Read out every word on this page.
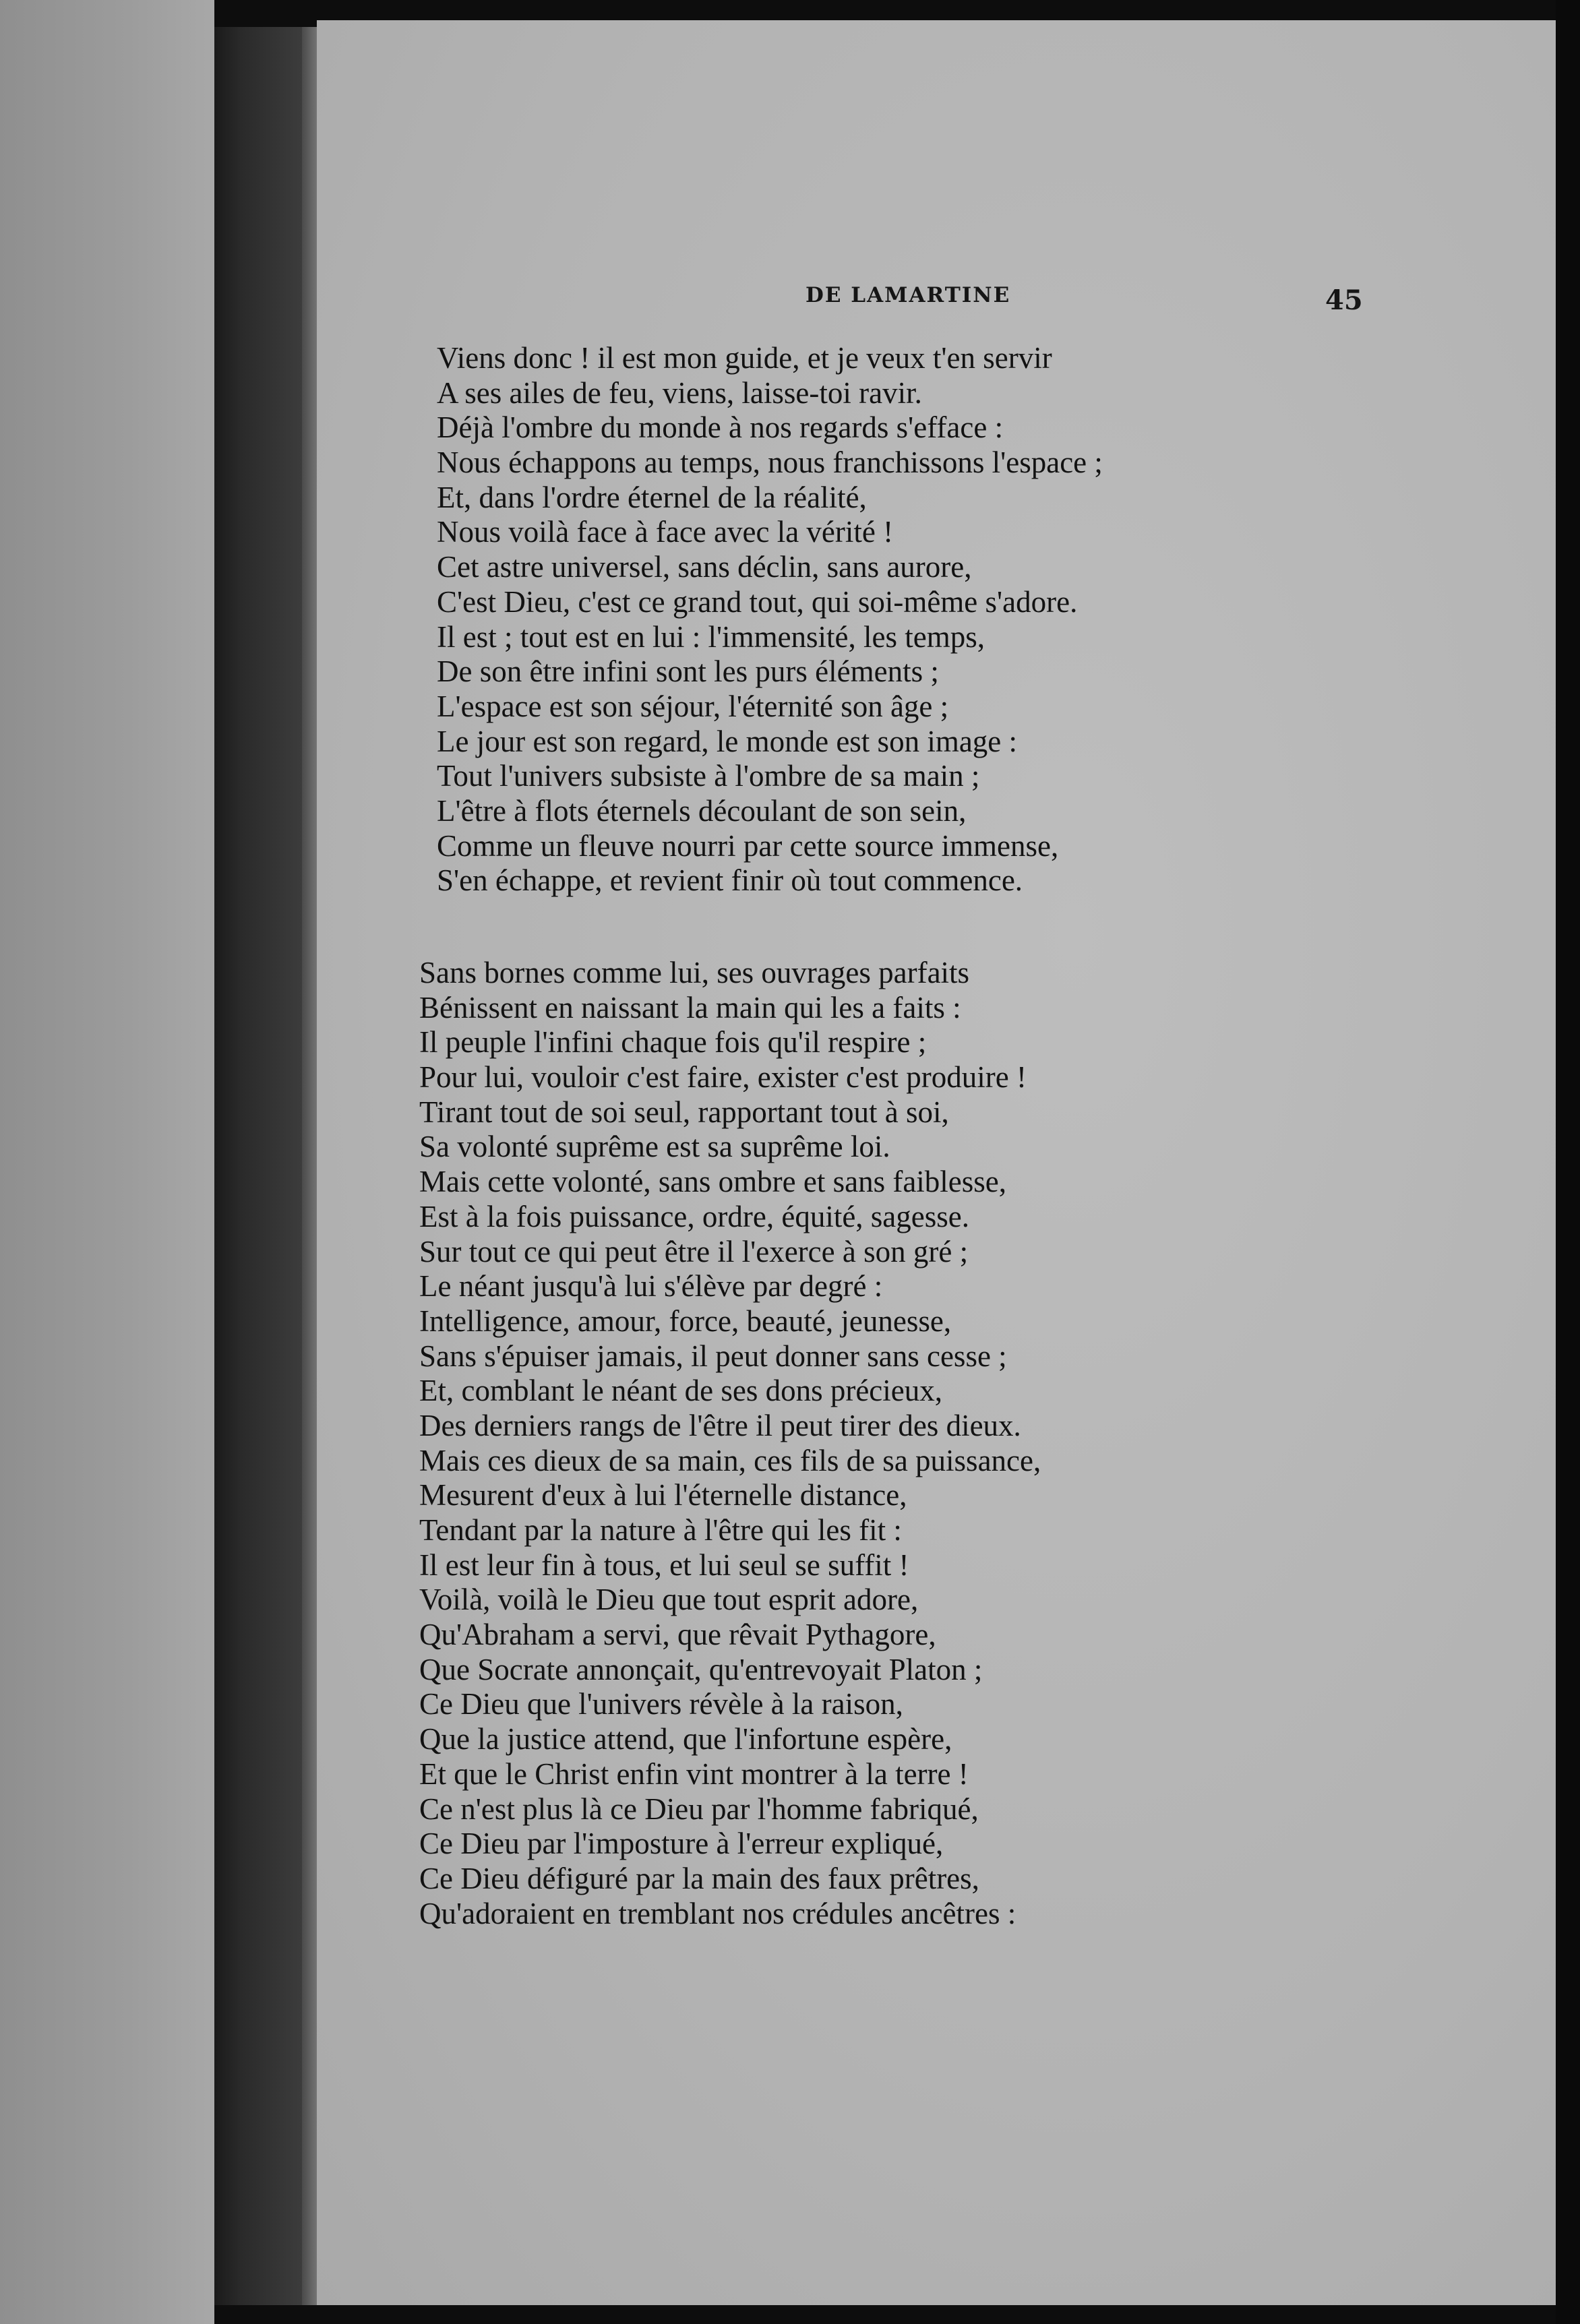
DE LAMARTINE	45
Viens donc ! il est mon guide, et je veux t'en servir
A ses ailes de feu, viens, laisse-toi ravir.
Déjà l'ombre du monde à nos regards s'efface :
Nous échappons au temps, nous franchissons l'espace ;
Et, dans l'ordre éternel de la réalité,
Nous voilà face à face avec la vérité !
Cet astre universel, sans déclin, sans aurore,
C'est Dieu, c'est ce grand tout, qui soi-même s'adore.
Il est ; tout est en lui : l'immensité, les temps,
De son être infini sont les purs éléments ;
L'espace est son séjour, l'éternité son âge ;
Le jour est son regard, le monde est son image :
Tout l'univers subsiste à l'ombre de sa main ;
L'être à flots éternels découlant de son sein,
Comme un fleuve nourri par cette source immense,
S'en échappe, et revient finir où tout commence.
Sans bornes comme lui, ses ouvrages parfaits
Bénissent en naissant la main qui les a faits :
Il peuple l'infini chaque fois qu'il respire ;
Pour lui, vouloir c'est faire, exister c'est produire !
Tirant tout de soi seul, rapportant tout à soi,
Sa volonté suprême est sa suprême loi.
Mais cette volonté, sans ombre et sans faiblesse,
Est à la fois puissance, ordre, équité, sagesse.
Sur tout ce qui peut être il l'exerce à son gré ;
Le néant jusqu'à lui s'élève par degré :
Intelligence, amour, force, beauté, jeunesse,
Sans s'épuiser jamais, il peut donner sans cesse ;
Et, comblant le néant de ses dons précieux,
Des derniers rangs de l'être il peut tirer des dieux.
Mais ces dieux de sa main, ces fils de sa puissance,
Mesurent d'eux à lui l'éternelle distance,
Tendant par la nature à l'être qui les fit :
Il est leur fin à tous, et lui seul se suffit !
Voilà, voilà le Dieu que tout esprit adore,
Qu'Abraham a servi, que rêvait Pythagore,
Que Socrate annonçait, qu'entrevoyait Platon ;
Ce Dieu que l'univers révèle à la raison,
Que la justice attend, que l'infortune espère,
Et que le Christ enfin vint montrer à la terre !
Ce n'est plus là ce Dieu par l'homme fabriqué,
Ce Dieu par l'imposture à l'erreur expliqué,
Ce Dieu défiguré par la main des faux prêtres,
Qu'adoraient en tremblant nos crédules ancêtres :
